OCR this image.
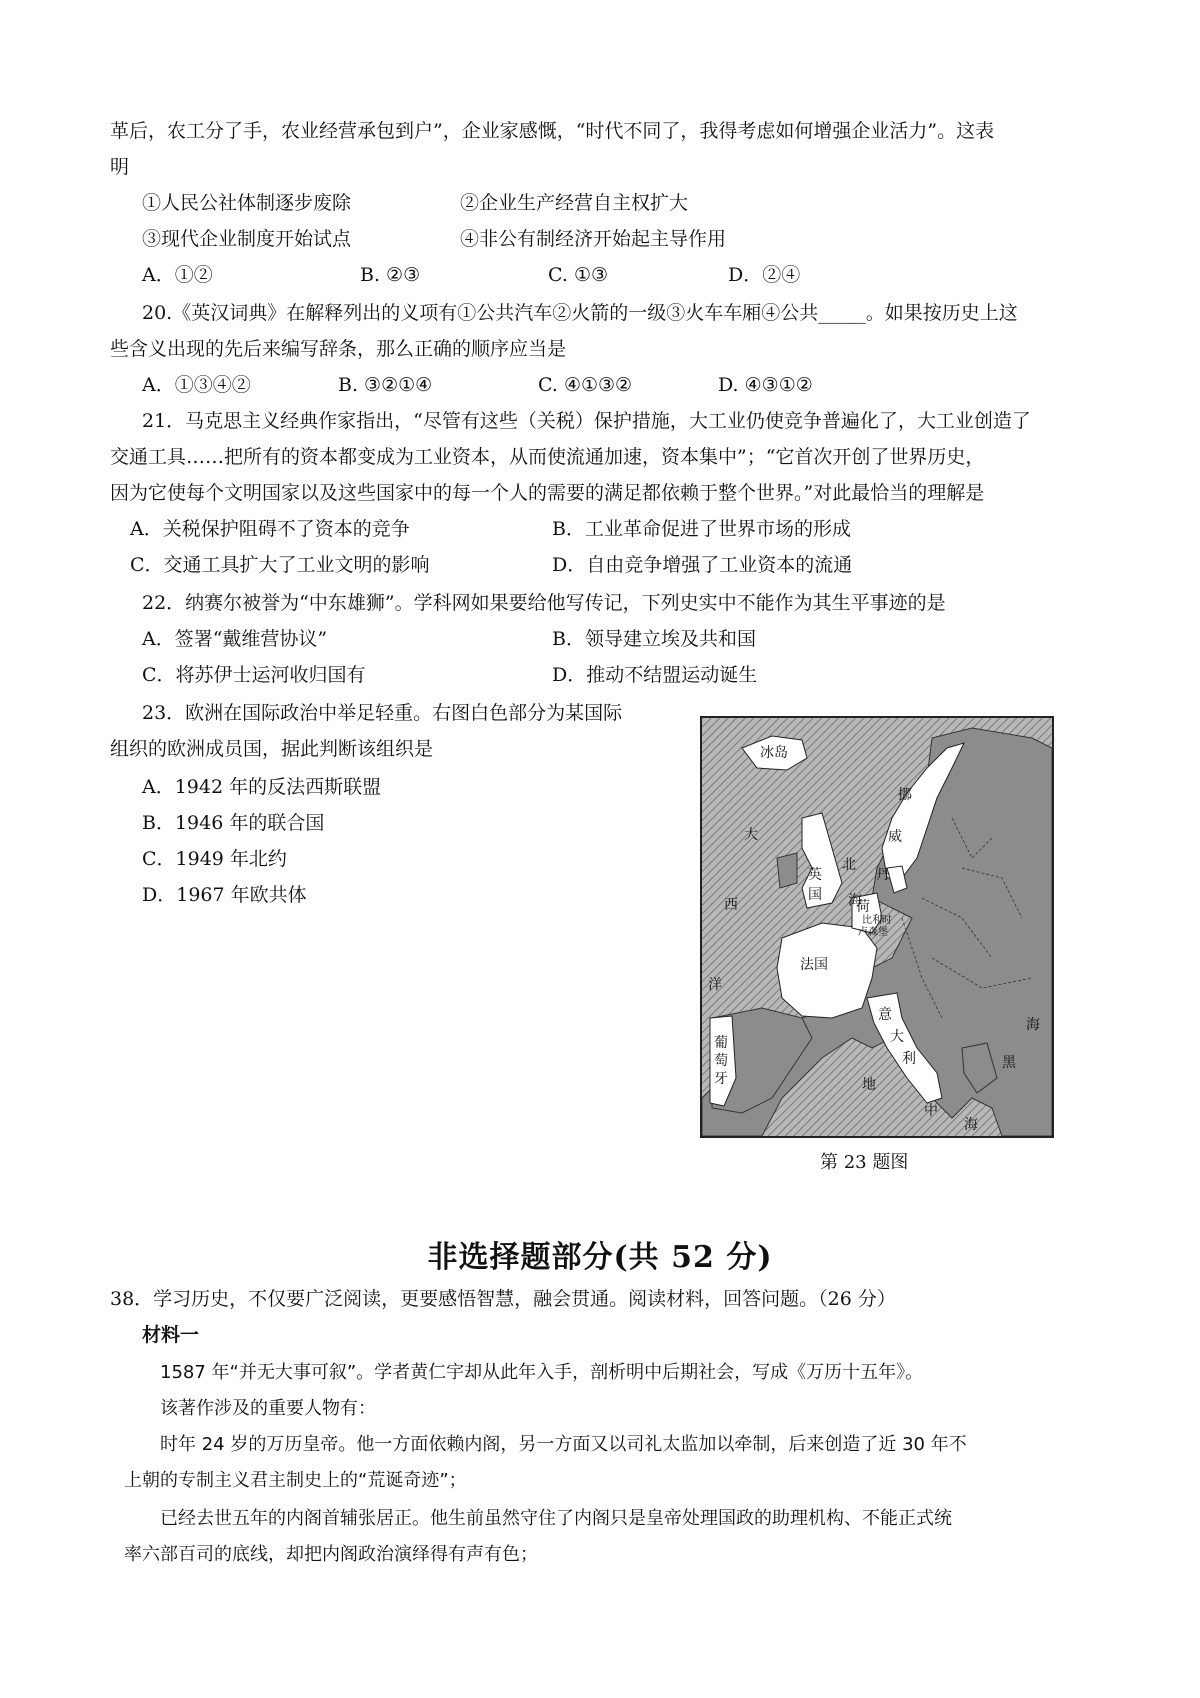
革后，农工分了手，农业经营承包到户”，企业家感慨，“时代不同了，我得考虑如何增强企业活力”。这表
明
①人民公社体制逐步废除	②企业生产经营自主权扩大
③现代企业制度开始试点	④非公有制经济开始起主导作用
A．①②	B. ②③	C. ①③	D．②④
20.《英汉词典》在解释列出的义项有①公共汽车②火箭的一级③火车车厢④公共_____。如果按历史上这
些含义出现的先后来编写辞条，那么正确的顺序应当是
A．①③④②	B. ③②①④	C. ④①③②	D. ④③①②
21．马克思主义经典作家指出，“尽管有这些（关税）保护措施，大工业仍使竞争普遍化了，大工业创造了
交通工具……把所有的资本都变成为工业资本，从而使流通加速，资本集中”；“它首次开创了世界历史，
因为它使每个文明国家以及这些国家中的每一个人的需要的满足都依赖于整个世界。”对此最恰当的理解是
A．关税保护阻碍不了资本的竞争	B．工业革命促进了世界市场的形成
C．交通工具扩大了工业文明的影响	D．自由竞争增强了工业资本的流通
22．纳赛尔被誉为“中东雄狮”。学科网如果要给他写传记，下列史实中不能作为其生平事迹的是
A．签署“戴维营协议”	B．领导建立埃及共和国
C．将苏伊士运河收归国有	D．推动不结盟运动诞生
23．欧洲在国际政治中举足轻重。右图白色部分为某国际
组织的欧洲成员国，据此判断该组织是
A．1942 年的反法西斯联盟
B．1946 年的联合国
C．1949 年北约
D．1967 年欧共体
冰岛
大
西
洋
挪
威
北
海
丹
英
国
荷
比利时
卢森堡
法国
葡
萄
牙
意
大
利
地
中
海
海
黑
第 23 题图
非选择题部分(共 52 分)
38．学习历史，不仅要广泛阅读，更要感悟智慧，融会贯通。阅读材料，回答问题。（26 分）
材料一
1587 年“并无大事可叙”。学者黄仁宇却从此年入手，剖析明中后期社会，写成《万历十五年》。
该著作涉及的重要人物有：
时年 24 岁的万历皇帝。他一方面依赖内阁，另一方面又以司礼太监加以牵制，后来创造了近 30 年不
上朝的专制主义君主制史上的“荒诞奇迹”；
已经去世五年的内阁首辅张居正。他生前虽然守住了内阁只是皇帝处理国政的助理机构、不能正式统
率六部百司的底线，却把内阁政治演绎得有声有色；
